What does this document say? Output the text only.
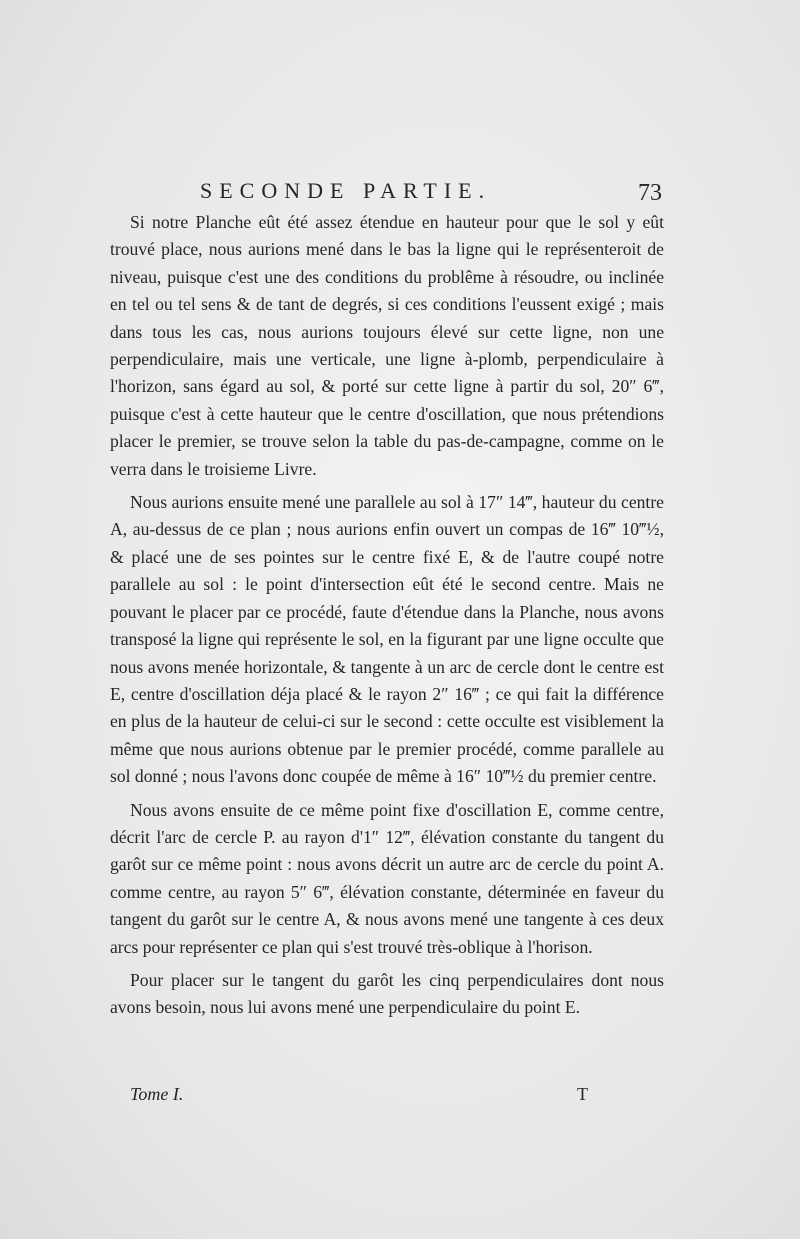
SECONDE PARTIE.	73

Si notre Planche eût été assez étendue en hauteur pour que le sol y eût trouvé place, nous aurions mené dans le bas la ligne qui le représenteroit de niveau, puisque c'est une des conditions du problême à résoudre, ou inclinée en tel ou tel sens & de tant de degrés, si ces conditions l'eussent exigé ; mais dans tous les cas, nous aurions toujours élevé sur cette ligne, non une perpendiculaire, mais une verticale, une ligne à-plomb, perpendiculaire à l'horizon, sans égard au sol, & porté sur cette ligne à partir du sol, 20″ 6‴, puisque c'est à cette hauteur que le centre d'oscillation, que nous prétendions placer le premier, se trouve selon la table du pas-de-campagne, comme on le verra dans le troisieme Livre.

Nous aurions ensuite mené une parallele au sol à 17″ 14‴, hauteur du centre A, au-dessus de ce plan ; nous aurions enfin ouvert un compas de 16‴ 10‴½, & placé une de ses pointes sur le centre fixé E, & de l'autre coupé notre parallele au sol : le point d'intersection eût été le second centre. Mais ne pouvant le placer par ce procédé, faute d'étendue dans la Planche, nous avons transposé la ligne qui représente le sol, en la figurant par une ligne occulte que nous avons menée horizontale, & tangente à un arc de cercle dont le centre est E, centre d'oscillation déja placé & le rayon 2″ 16‴ ; ce qui fait la différence en plus de la hauteur de celui-ci sur le second : cette occulte est visiblement la même que nous aurions obtenue par le premier procédé, comme parallele au sol donné ; nous l'avons donc coupée de même à 16″ 10‴½ du premier centre.

Nous avons ensuite de ce même point fixe d'oscillation E, comme centre, décrit l'arc de cercle P. au rayon d'1″ 12‴, élévation constante du tangent du garôt sur ce même point : nous avons décrit un autre arc de cercle du point A. comme centre, au rayon 5″ 6‴, élévation constante, déterminée en faveur du tangent du garôt sur le centre A, & nous avons mené une tangente à ces deux arcs pour représenter ce plan qui s'est trouvé très-oblique à l'horison.

Pour placer sur le tangent du garôt les cinq perpendiculaires dont nous avons besoin, nous lui avons mené une perpendiculaire du point E.

Tome I.	T
